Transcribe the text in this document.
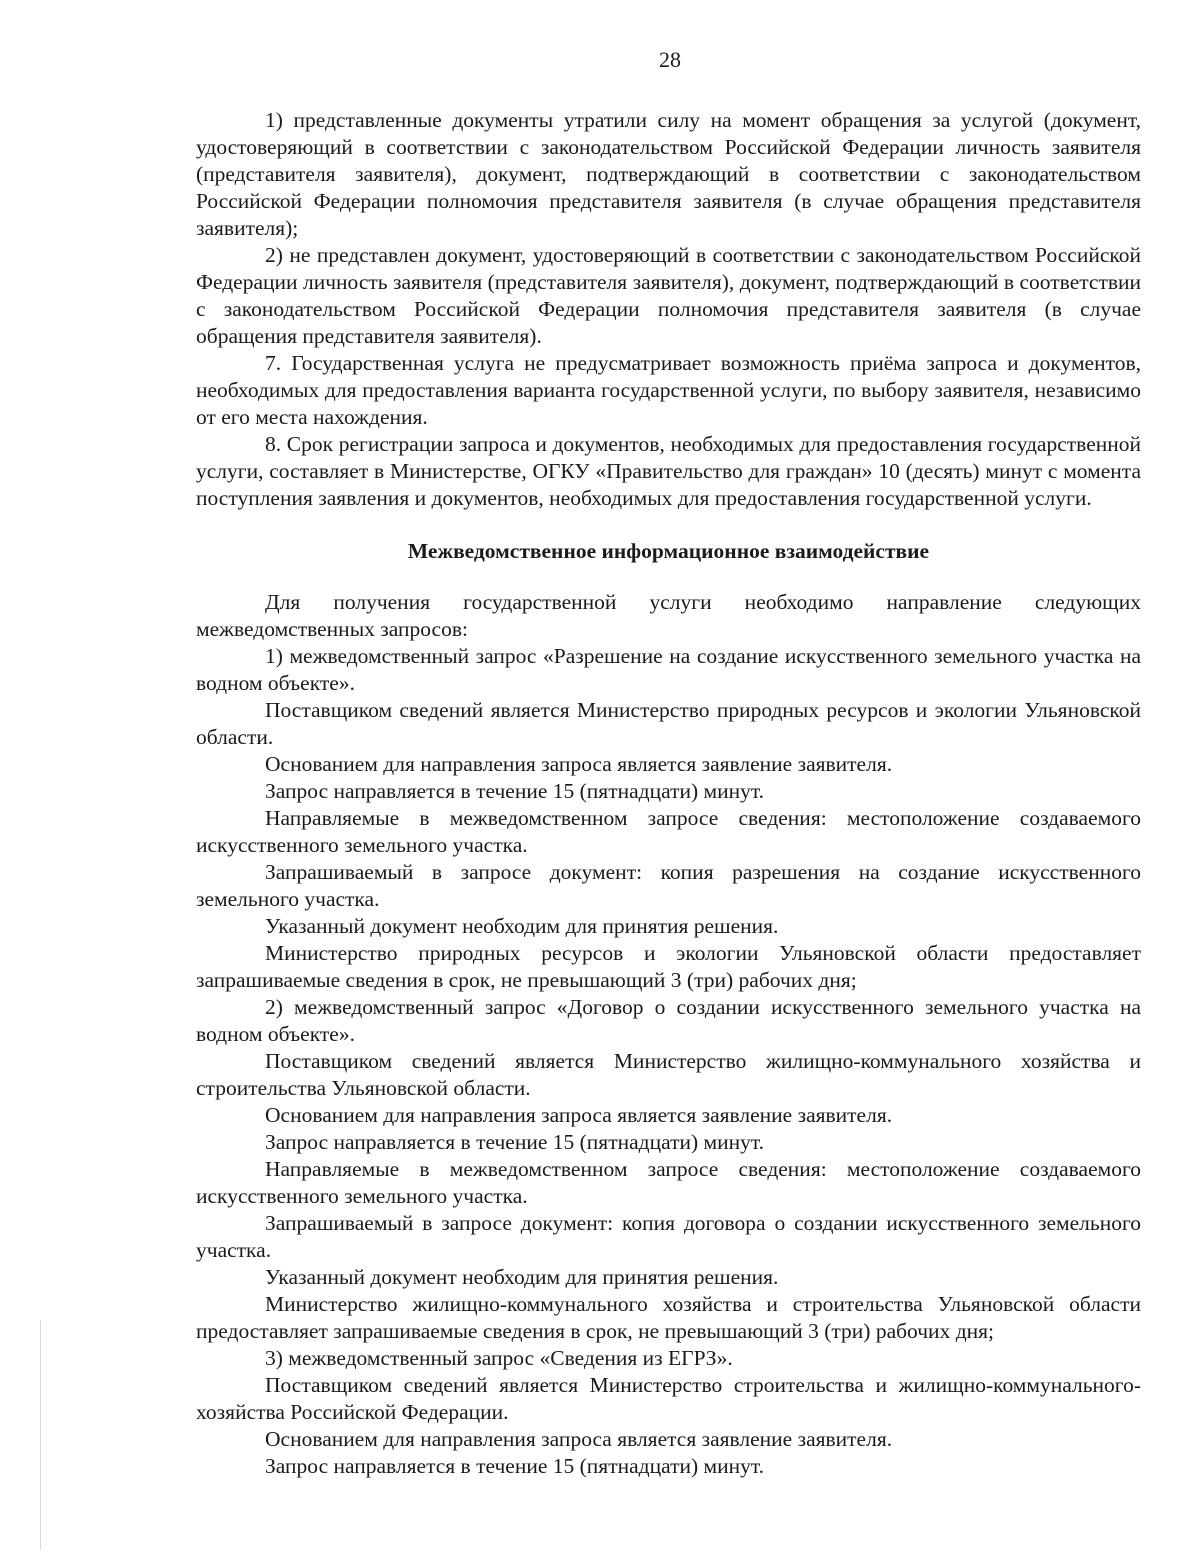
28

1) представленные документы утратили силу на момент обращения за услугой (документ, удостоверяющий в соответствии с законодательством Российской Федерации личность заявителя (представителя заявителя), документ, подтверждающий в соответствии с законодательством Российской Федерации полномочия представителя заявителя (в случае обращения представителя заявителя);

2) не представлен документ, удостоверяющий в соответствии с законодательством Российской Федерации личность заявителя (представителя заявителя), документ, подтверждающий в соответствии с законодательством Российской Федерации полномочия представителя заявителя (в случае обращения представителя заявителя).

7. Государственная услуга не предусматривает возможность приёма запроса и документов, необходимых для предоставления варианта государственной услуги, по выбору заявителя, независимо от его места нахождения.

8. Срок регистрации запроса и документов, необходимых для предоставления государственной услуги, составляет в Министерстве, ОГКУ «Правительство для граждан» 10 (десять) минут с момента поступления заявления и документов, необходимых для предоставления государственной услуги.

Межведомственное информационное взаимодействие

Для получения государственной услуги необходимо направление следующих межведомственных запросов:

1) межведомственный запрос «Разрешение на создание искусственного земельного участка на водном объекте».

Поставщиком сведений является Министерство природных ресурсов и экологии Ульяновской области.

Основанием для направления запроса является заявление заявителя.

Запрос направляется в течение 15 (пятнадцати) минут.

Направляемые в межведомственном запросе сведения: местоположение создаваемого искусственного земельного участка.

Запрашиваемый в запросе документ: копия разрешения на создание искусственного земельного участка.

Указанный документ необходим для принятия решения.

Министерство природных ресурсов и экологии Ульяновской области предоставляет запрашиваемые сведения в срок, не превышающий 3 (три) рабочих дня;

2) межведомственный запрос «Договор о создании искусственного земельного участка на водном объекте».

Поставщиком сведений является Министерство жилищно-коммунального хозяйства и строительства Ульяновской области.

Основанием для направления запроса является заявление заявителя.

Запрос направляется в течение 15 (пятнадцати) минут.

Направляемые в межведомственном запросе сведения: местоположение создаваемого искусственного земельного участка.

Запрашиваемый в запросе документ: копия договора о создании искусственного земельного участка.

Указанный документ необходим для принятия решения.

Министерство жилищно-коммунального хозяйства и строительства Ульяновской области предоставляет запрашиваемые сведения в срок, не превышающий 3 (три) рабочих дня;

3) межведомственный запрос «Сведения из ЕГРЗ».

Поставщиком сведений является Министерство строительства и жилищно-коммунального-хозяйства Российской Федерации.

Основанием для направления запроса является заявление заявителя.

Запрос направляется в течение 15 (пятнадцати) минут.
